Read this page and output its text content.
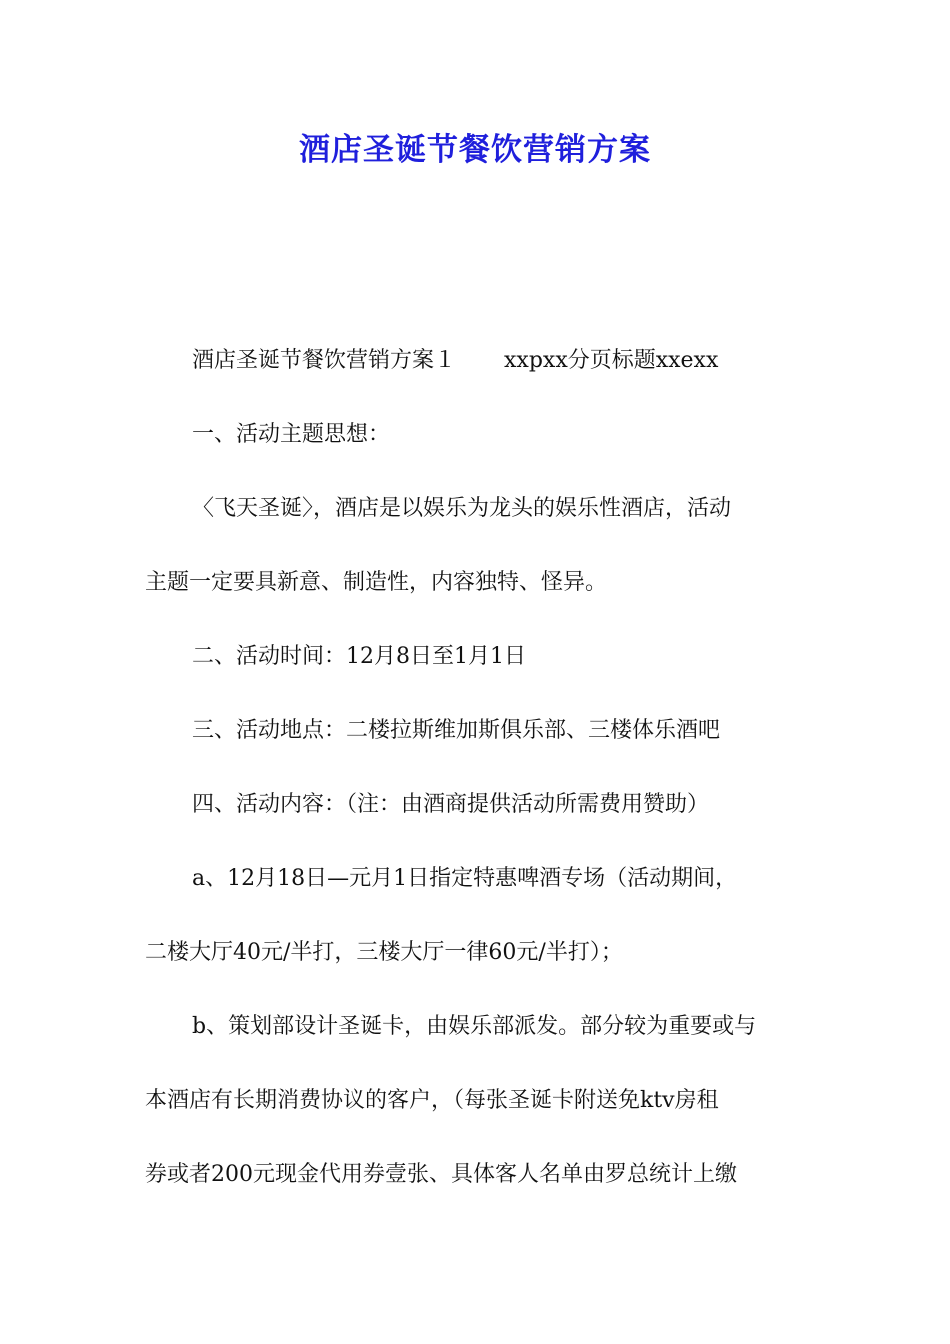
酒店圣诞节餐饮营销方案

酒店圣诞节餐饮营销方案１ xxpxx分页标题xxexx

一、活动主题思想：

〈飞天圣诞〉，酒店是以娱乐为龙头的娱乐性酒店，活动

主题一定要具新意、制造性，内容独特、怪异。

二、活动时间：12月8日至1月1日

三、活动地点：二楼拉斯维加斯俱乐部、三楼体乐酒吧

四、活动内容：（注：由酒商提供活动所需费用赞助）

a、12月18日—元月1日指定特惠啤酒专场（活动期间，

二楼大厅40元/半打，三楼大厅一律60元/半打）；

b、策划部设计圣诞卡，由娱乐部派发。部分较为重要或与

本酒店有长期消费协议的客户，（每张圣诞卡附送免ktv房租

券或者200元现金代用券壹张、具体客人名单由罗总统计上缴
